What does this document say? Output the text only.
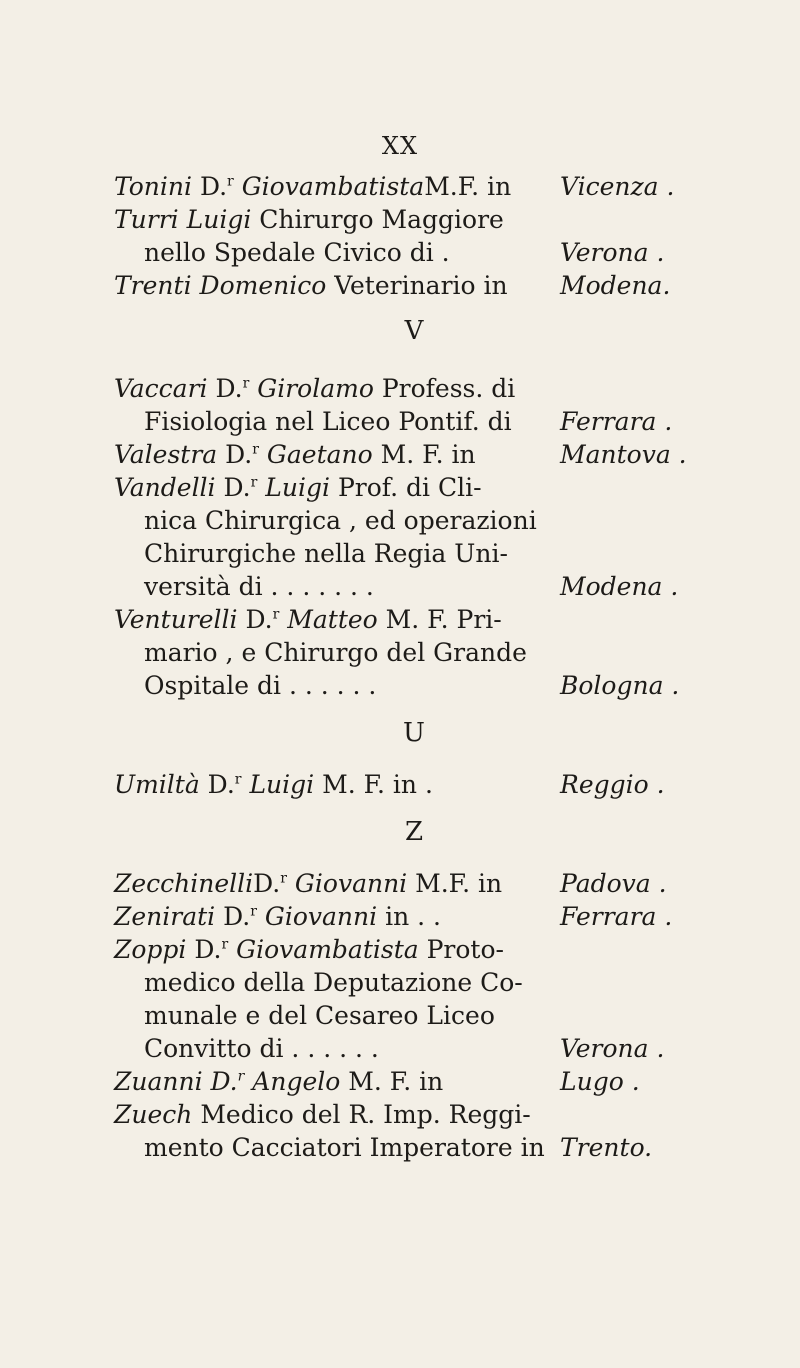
XX
Tonini D.$^r$ GiovambatistaM.F. in Vicenza .
Turri Luigi Chirurgo Maggiore
nello Spedale Civico di .	Verona .
Trenti Domenico Veterinario in Modena.
V
Vaccari D.$^r$ Girolamo Profess. di
Fisiologia nel Liceo Pontif. di Ferrara .
Valestra D.$^r$ Gaetano M. F. in	Mantova .
Vandelli D.$^r$ Luigi Prof. di Cli-
nica Chirurgica , ed operazioni
Chirurgiche nella Regia Uni-
versità di . . . . . . .	Modena .
Venturelli D.$^r$ Matteo M. F. Pri-
mario , e Chirurgo del Grande
Ospitale di . . . . . .	Bologna .
U
Umiltà D.$^r$ Luigi M. F. in .	Reggio .
Z
ZecchinelliD.$^r$ Giovanni M.F. in Padova .
Zenirati D.$^r$ Giovanni in . .	Ferrara .
Zoppi D.$^r$ Giovambatista Proto-
medico della Deputazione Co-
munale e del Cesareo Liceo
Convitto di . . . . . .	Verona .
Zuanni D.$^r$ Angelo M. F. in	Lugo .
Zuech Medico del R. Imp. Reggi-
mento Cacciatori Imperatore in Trento.
